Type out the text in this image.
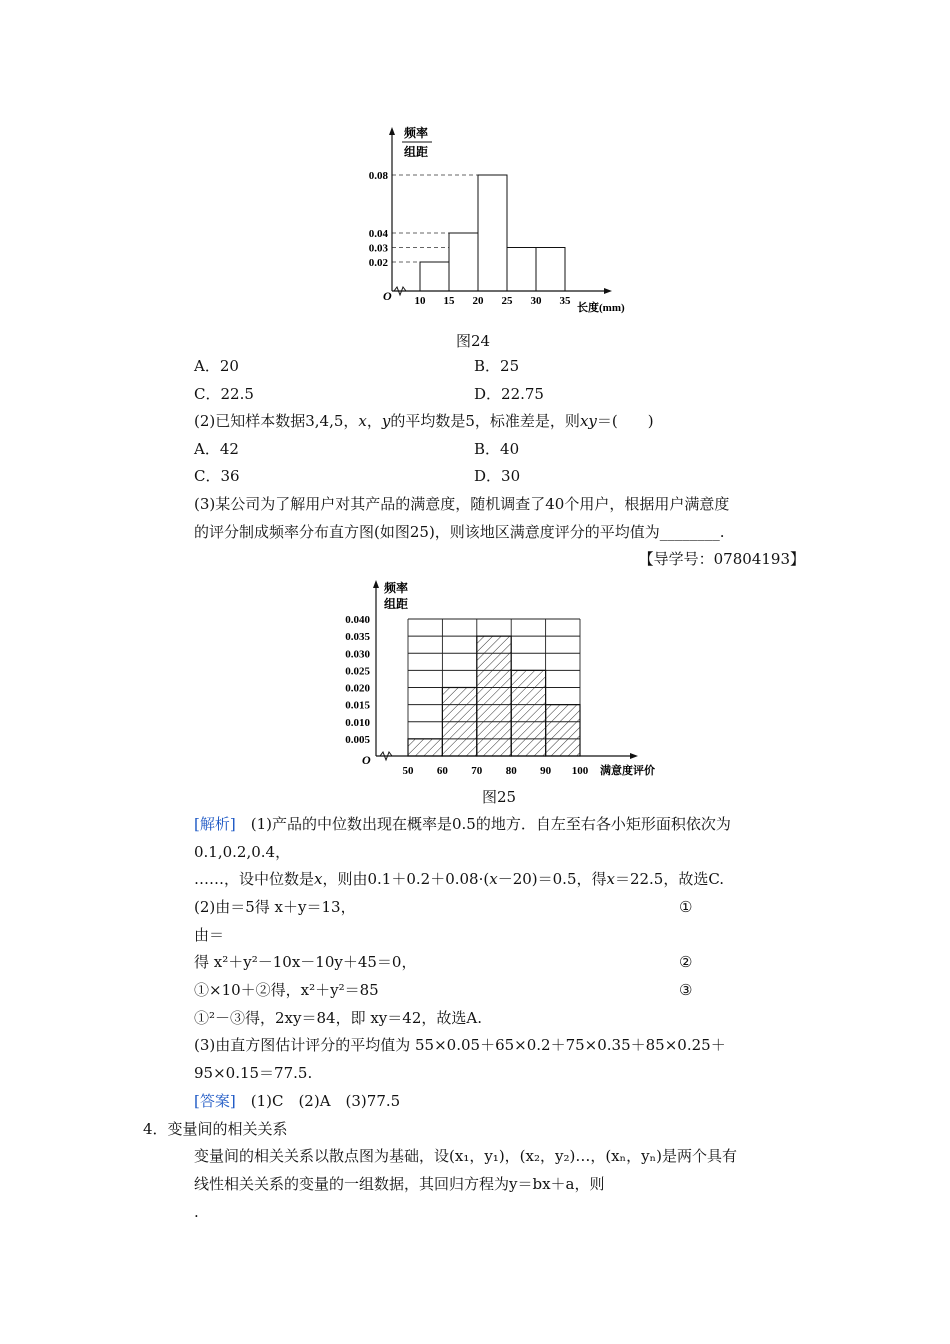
频率
组距
O
0.08
0.04
0.03
0.02
10 15 20 25 30 35
长度(mm)
图24
A．20	B．25
C．22.5	D．22.75
(2)已知样本数据3,4,5，x，y的平均数是5，标准差是，则xy＝(　　)
A．42	B．40
C．36	D．30
(3)某公司为了解用户对其产品的满意度，随机调查了40个用户，根据用户满意度
的评分制成频率分布直方图(如图25)，则该地区满意度评分的平均值为________.
【导学号：07804193】
频率
组距
O
0.040
0.035
0.030
0.025
0.020
0.015
0.010
0.005
50 60 70 80 90 100 满意度评价
图25
[解析]　(1)产品的中位数出现在概率是0.5的地方．自左至右各小矩形面积依次为
0.1,0.2,0.4，
……，设中位数是x，则由0.1＋0.2＋0.08·(x－20)＝0.5，得x＝22.5，故选C.
(2)由＝5得 x＋y＝13，	①
由＝
得 x²＋y²－10x－10y＋45＝0，	②
①×10＋②得，x²＋y²＝85	③
①²－③得，2xy＝84，即 xy＝42，故选A.
(3)由直方图估计评分的平均值为 55×0.05＋65×0.2＋75×0.35＋85×0.25＋
95×0.15＝77.5.
[答案]　(1)C　(2)A　(3)77.5
4．变量间的相关关系
变量间的相关关系以散点图为基础，设(x₁，y₁)，(x₂，y₂)…，(xₙ，yₙ)是两个具有
线性相关关系的变量的一组数据，其回归方程为y＝bx＋a，则
.
